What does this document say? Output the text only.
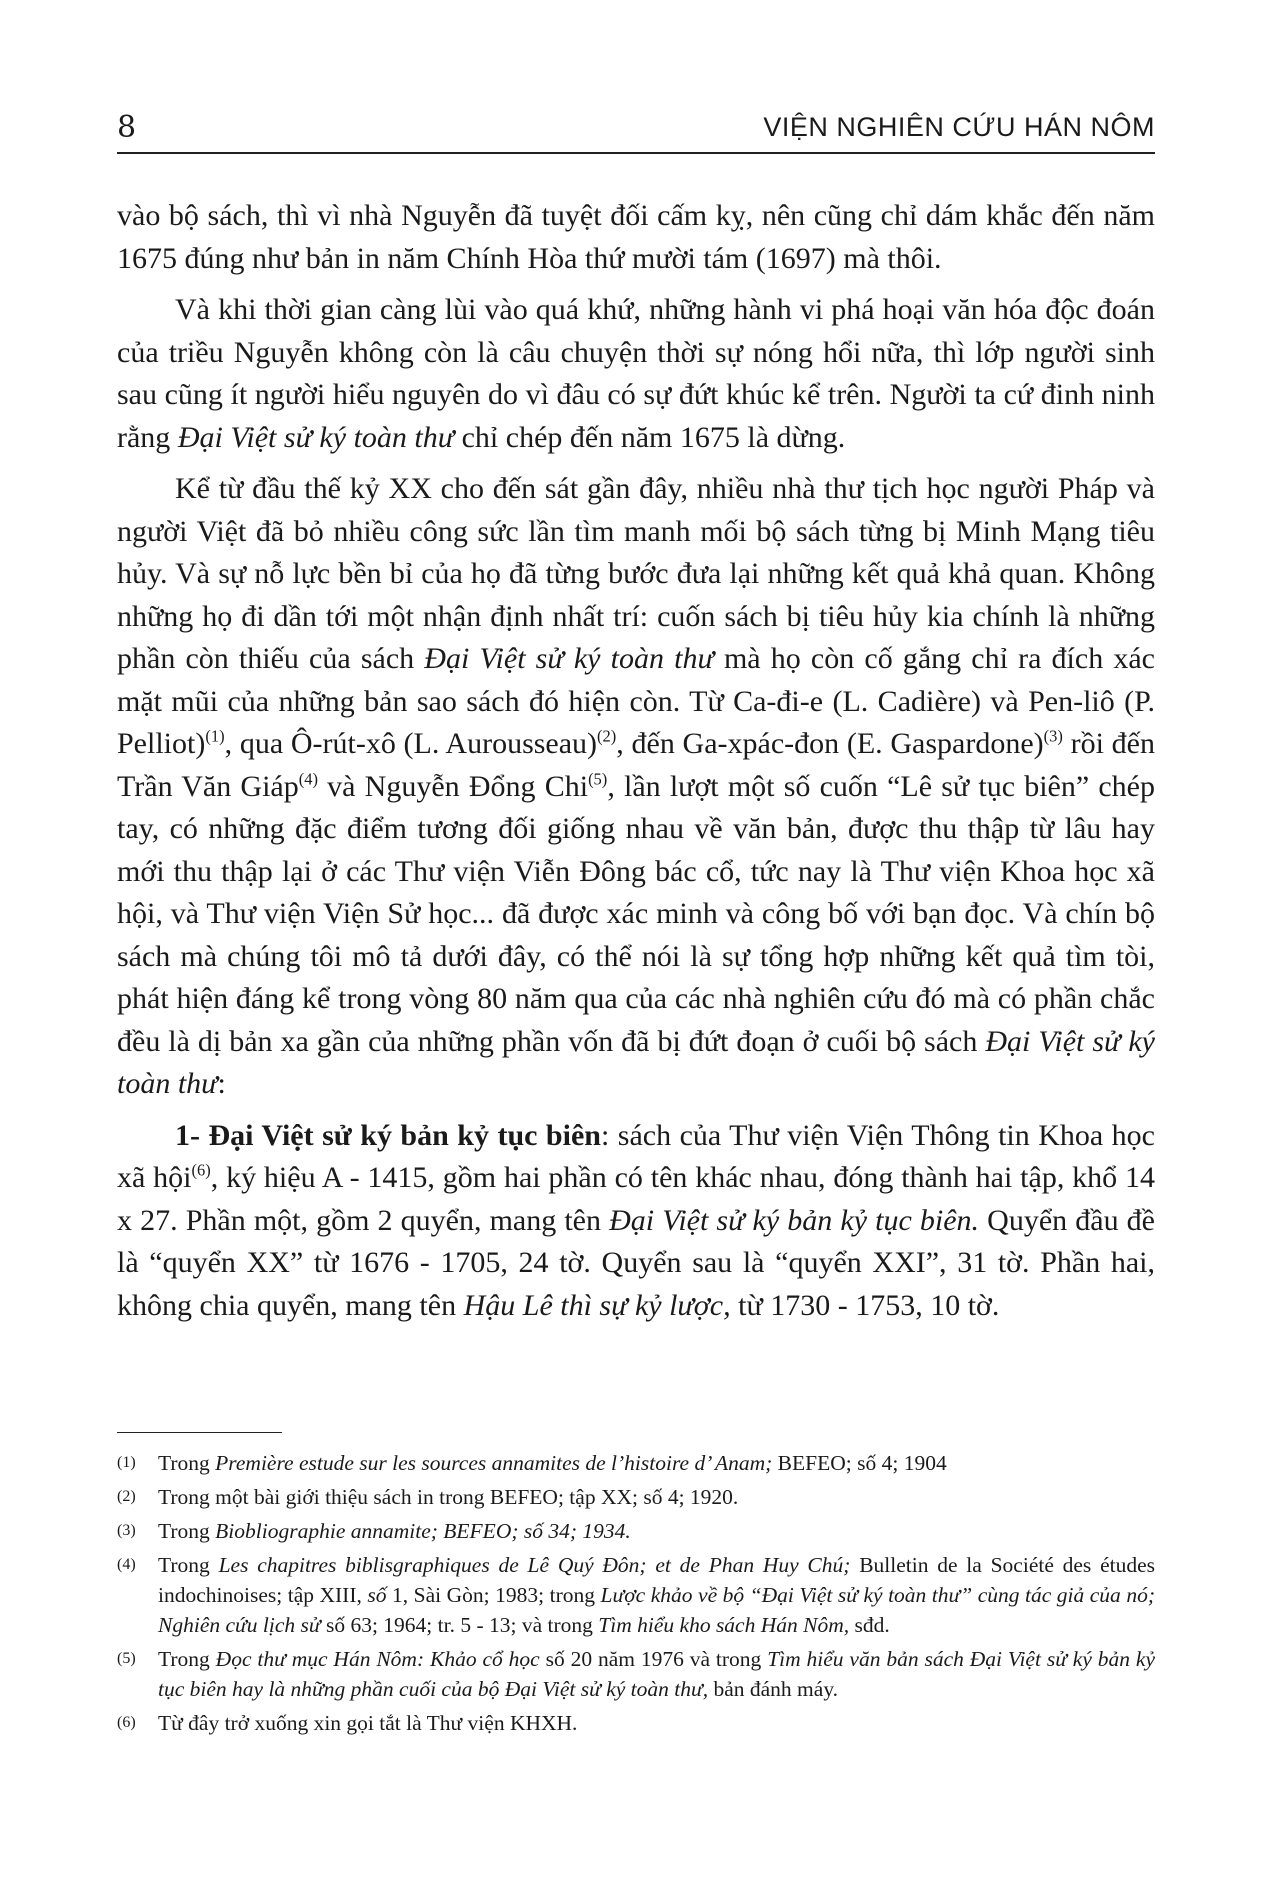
8	VIỆN NGHIÊN CỨU HÁN NÔM

vào bộ sách, thì vì nhà Nguyễn đã tuyệt đối cấm kỵ, nên cũng chỉ dám khắc đến năm 1675 đúng như bản in năm Chính Hòa thứ mười tám (1697) mà thôi.

Và khi thời gian càng lùi vào quá khứ, những hành vi phá hoại văn hóa độc đoán của triều Nguyễn không còn là câu chuyện thời sự nóng hổi nữa, thì lớp người sinh sau cũng ít người hiểu nguyên do vì đâu có sự đứt khúc kể trên. Người ta cứ đinh ninh rằng Đại Việt sử ký toàn thư chỉ chép đến năm 1675 là dừng.

Kể từ đầu thế kỷ XX cho đến sát gần đây, nhiều nhà thư tịch học người Pháp và người Việt đã bỏ nhiều công sức lần tìm manh mối bộ sách từng bị Minh Mạng tiêu hủy. Và sự nỗ lực bền bỉ của họ đã từng bước đưa lại những kết quả khả quan. Không những họ đi dần tới một nhận định nhất trí: cuốn sách bị tiêu hủy kia chính là những phần còn thiếu của sách Đại Việt sử ký toàn thư mà họ còn cố gắng chỉ ra đích xác mặt mũi của những bản sao sách đó hiện còn. Từ Ca-đi-e (L. Cadière) và Pen-liô (P. Pelliot)$^{(1)}$, qua Ô-rút-xô (L. Aurousseau)$^{(2)}$, đến Ga-xpác-đon (E. Gaspardone)$^{(3)}$ rồi đến Trần Văn Giáp$^{(4)}$ và Nguyễn Đổng Chi$^{(5)}$, lần lượt một số cuốn “Lê sử tục biên” chép tay, có những đặc điểm tương đối giống nhau về văn bản, được thu thập từ lâu hay mới thu thập lại ở các Thư viện Viễn Đông bác cổ, tức nay là Thư viện Khoa học xã hội, và Thư viện Viện Sử học... đã được xác minh và công bố với bạn đọc. Và chín bộ sách mà chúng tôi mô tả dưới đây, có thể nói là sự tổng hợp những kết quả tìm tòi, phát hiện đáng kể trong vòng 80 năm qua của các nhà nghiên cứu đó mà có phần chắc đều là dị bản xa gần của những phần vốn đã bị đứt đoạn ở cuối bộ sách Đại Việt sử ký toàn thư:

1- Đại Việt sử ký bản kỷ tục biên: sách của Thư viện Viện Thông tin Khoa học xã hội$^{(6)}$, ký hiệu A - 1415, gồm hai phần có tên khác nhau, đóng thành hai tập, khổ 14 x 27. Phần một, gồm 2 quyển, mang tên Đại Việt sử ký bản kỷ tục biên. Quyển đầu đề là “quyển XX” từ 1676 - 1705, 24 tờ. Quyển sau là “quyển XXI”, 31 tờ. Phần hai, không chia quyển, mang tên Hậu Lê thì sự kỷ lược, từ 1730 - 1753, 10 tờ.

(1) Trong Première estude sur les sources annamites de l’histoire d’ Anam; BEFEO; số 4; 1904
(2) Trong một bài giới thiệu sách in trong BEFEO; tập XX; số 4; 1920.
(3) Trong Biobliographie annamite; BEFEO; số 34; 1934.
(4) Trong Les chapitres biblisgraphiques de Lê Quý Đôn; et de Phan Huy Chú; Bulletin de la Société des études indochinoises; tập XIII, số 1, Sài Gòn; 1983; trong Lược khảo về bộ “Đại Việt sử ký toàn thư” cùng tác giả của nó; Nghiên cứu lịch sử số 63; 1964; tr. 5 - 13; và trong Tìm hiểu kho sách Hán Nôm, sđd.
(5) Trong Đọc thư mục Hán Nôm: Khảo cổ học số 20 năm 1976 và trong Tìm hiểu văn bản sách Đại Việt sử ký bản kỷ tục biên hay là những phần cuối của bộ Đại Việt sử ký toàn thư, bản đánh máy.
(6) Từ đây trở xuống xin gọi tắt là Thư viện KHXH.
